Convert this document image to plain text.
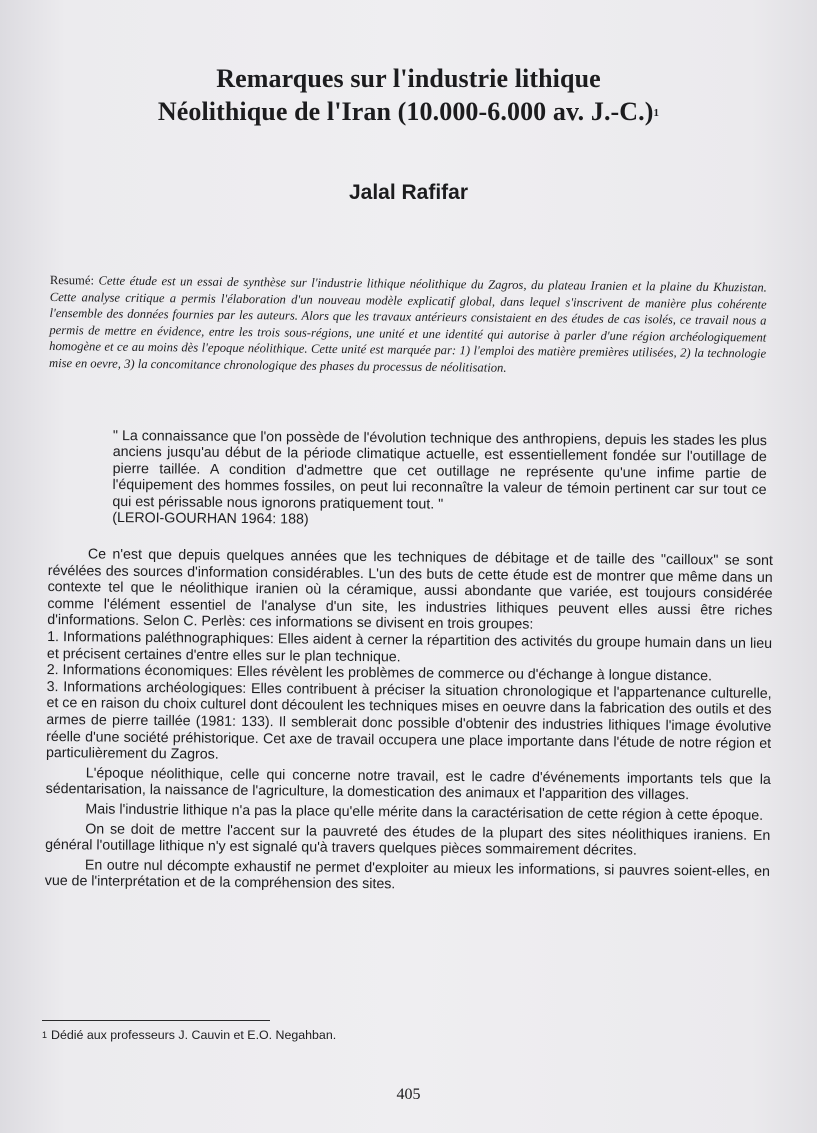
Remarques sur l'industrie lithique
Néolithique de l'Iran (10.000-6.000 av. J.-C.)$^1$
Jalal Rafifar
Resumé: Cette étude est un essai de synthèse sur l'industrie lithique néolithique du Zagros, du plateau Iranien et la plaine du Khuzistan. Cette analyse critique a permis l'élaboration d'un nouveau modèle explicatif global, dans lequel s'inscrivent de manière plus cohérente l'ensemble des données fournies par les auteurs. Alors que les travaux antérieurs consistaient en des études de cas isolés, ce travail nous a permis de mettre en évidence, entre les trois sous-régions, une unité et une identité qui autorise à parler d'une région archéologiquement homogène et ce au moins dès l'epoque néolithique. Cette unité est marquée par: 1) l'emploi des matière premières utilisées, 2) la technologie mise en oevre, 3) la concomitance chronologique des phases du processus de néolitisation.
" La connaissance que l'on possède de l'évolution technique des anthropiens, depuis les stades les plus anciens jusqu'au début de la période climatique actuelle, est essentiellement fondée sur l'outillage de pierre taillée. A condition d'admettre que cet outillage ne représente qu'une infime partie de l'équipement des hommes fossiles, on peut lui reconnaître la valeur de témoin pertinent car sur tout ce qui est périssable nous ignorons pratiquement tout. "
(LEROI-GOURHAN 1964: 188)

Ce n'est que depuis quelques années que les techniques de débitage et de taille des "cailloux" se sont révélées des sources d'information considérables. L'un des buts de cette étude est de montrer que même dans un contexte tel que le néolithique iranien où la céramique, aussi abondante que variée, est toujours considérée comme l'élément essentiel de l'analyse d'un site, les industries lithiques peuvent elles aussi être riches d'informations. Selon C. Perlès: ces informations se divisent en trois groupes:

1. Informations paléthnographiques: Elles aident à cerner la répartition des activités du groupe humain dans un lieu et précisent certaines d'entre elles sur le plan technique.

2. Informations économiques: Elles révèlent les problèmes de commerce ou d'échange à longue distance.

3. Informations archéologiques: Elles contribuent à préciser la situation chronologique et l'appartenance culturelle, et ce en raison du choix culturel dont découlent les techniques mises en oeuvre dans la fabrication des outils et des armes de pierre taillée (1981: 133). Il semblerait donc possible d'obtenir des industries lithiques l'image évolutive réelle d'une société préhistorique. Cet axe de travail occupera une place importante dans l'étude de notre région et particulièrement du Zagros.

L'époque néolithique, celle qui concerne notre travail, est le cadre d'événements importants tels que la sédentarisation, la naissance de l'agriculture, la domestication des animaux et l'apparition des villages.

Mais l'industrie lithique n'a pas la place qu'elle mérite dans la caractérisation de cette région à cette époque.

On se doit de mettre l'accent sur la pauvreté des études de la plupart des sites néolithiques iraniens. En général l'outillage lithique n'y est signalé qu'à travers quelques pièces sommairement décrites.

En outre nul décompte exhaustif ne permet d'exploiter au mieux les informations, si pauvres soient-elles, en vue de l'interprétation et de la compréhension des sites.

$^1$ Dédié aux professeurs J. Cauvin et E.O. Negahban.
405
